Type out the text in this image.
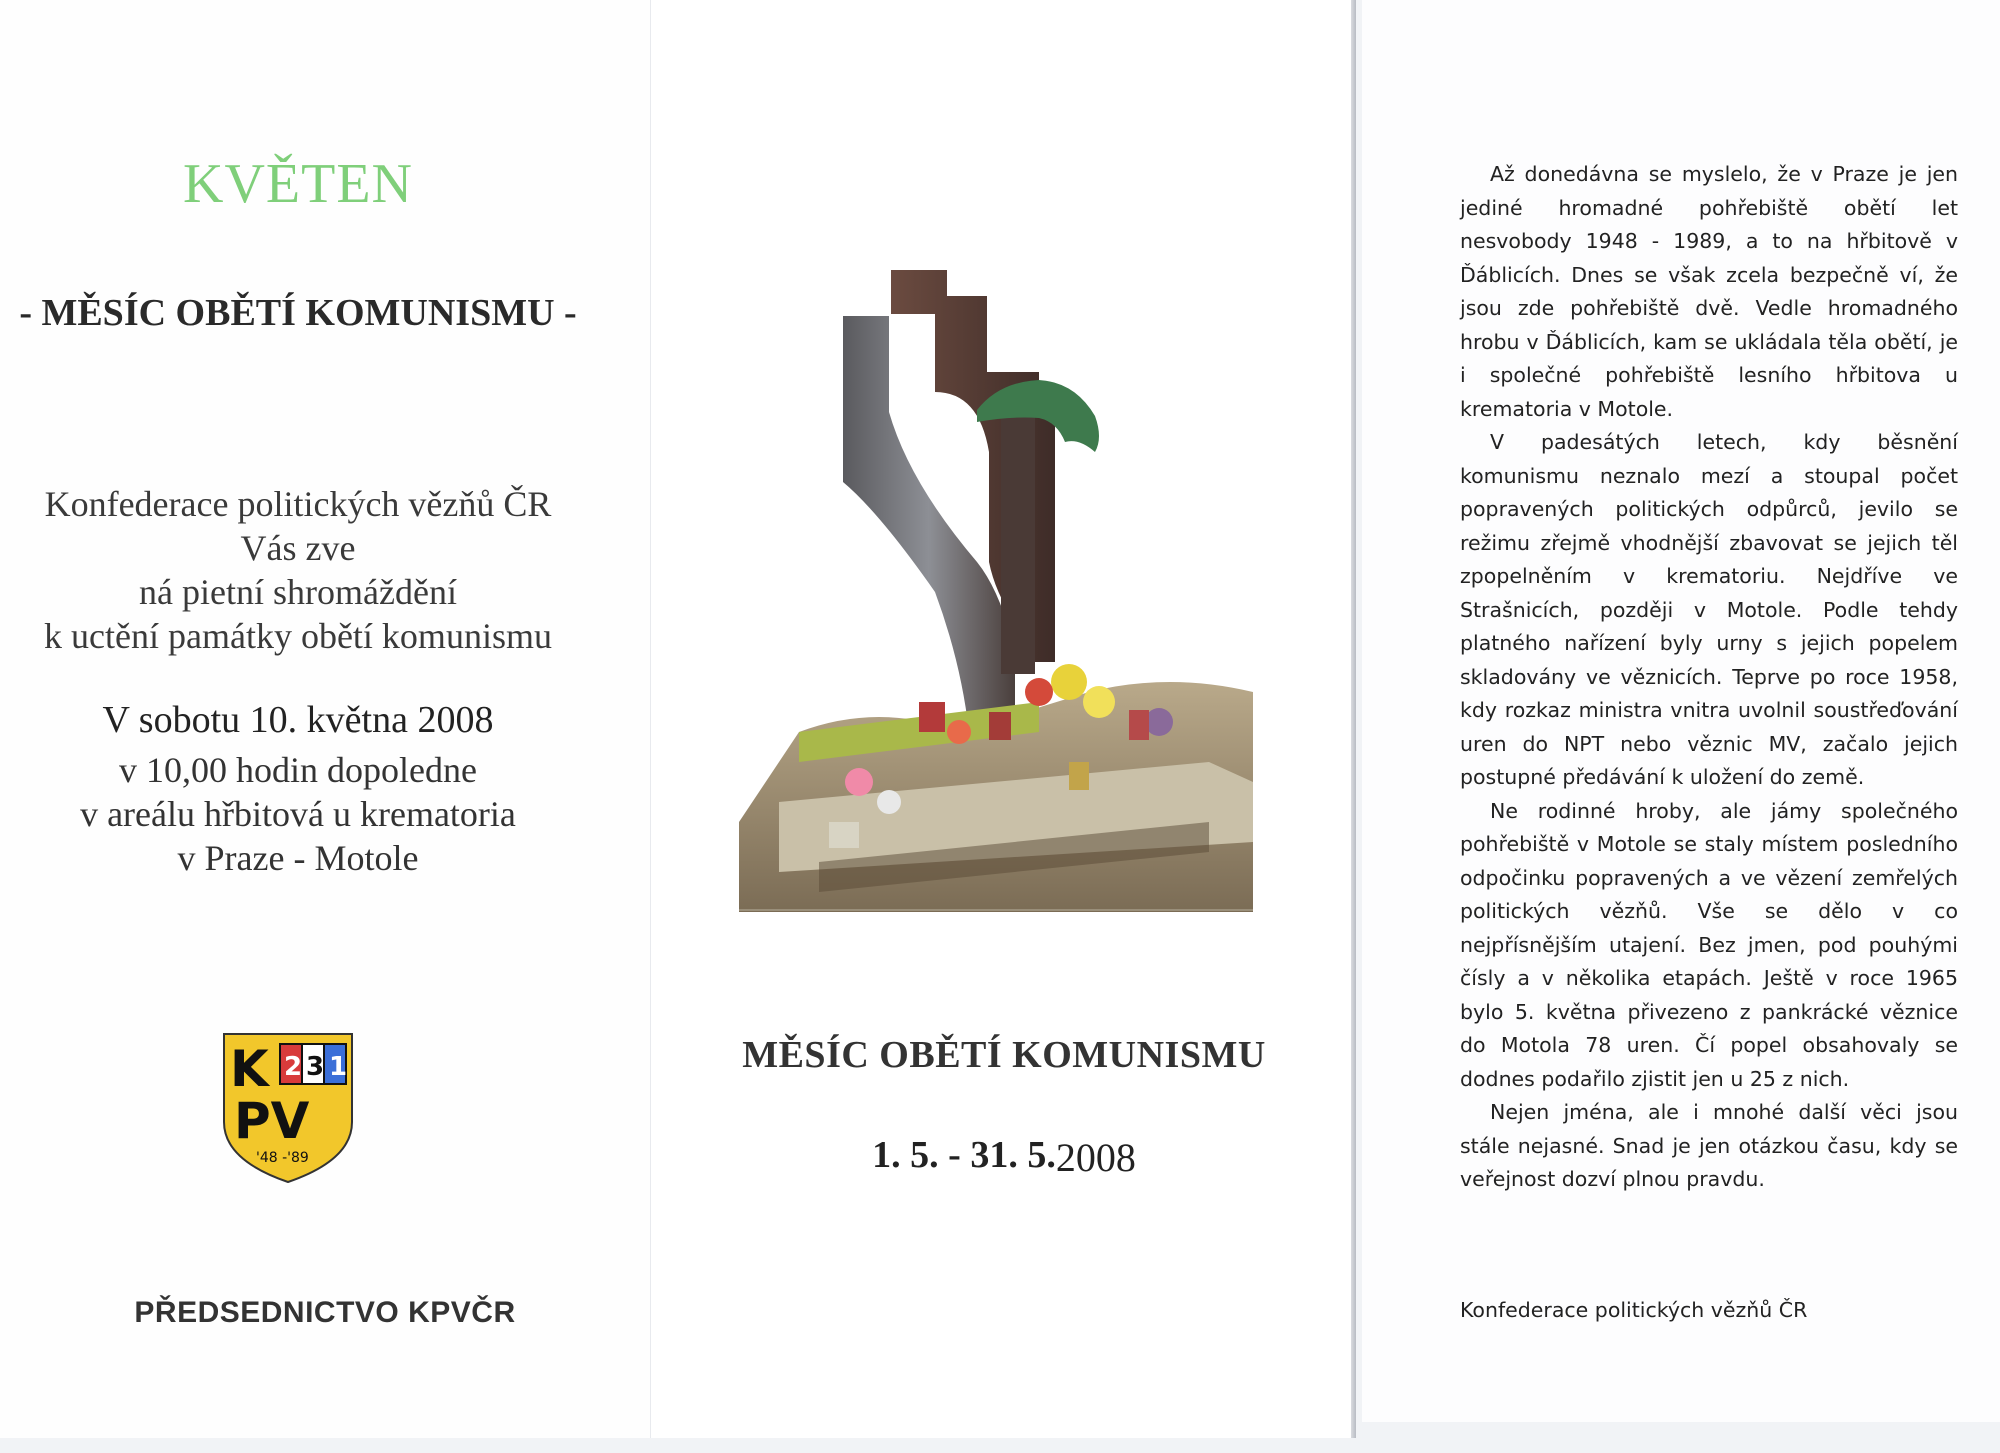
KVĚTEN
- MĚSÍC OBĚTÍ KOMUNISMU -
Konfederace politických vězňů ČR
Vás zve
ná pietní shromáždění
k uctění památky obětí komunismu
V sobotu 10. května 2008
v 10,00 hodin dopoledne
v areálu hřbitová u krematoria
v Praze - Motole
K 2 3 1
PV
'48 -'89
PŘEDSEDNICTVO KPVČR
MĚSÍC OBĚTÍ KOMUNISMU
1. 5. - 31. 5.2008

Až donedávna se myslelo, že v Praze je jen jediné hromadné pohřebiště obětí let nesvobody 1948 - 1989, a to na hřbitově v Ďáblicích. Dnes se však zcela bezpečně ví, že jsou zde pohřebiště dvě. Vedle hromadného hrobu v Ďáblicích, kam se ukládala těla obětí, je i společné pohřebiště lesního hřbitova u krematoria v Motole.

V padesátých letech, kdy běsnění komunismu neznalo mezí a stoupal počet popravených politických odpůrců, jevilo se režimu zřejmě vhodnější zbavovat se jejich těl zpopelněním v krematoriu. Nejdříve ve Strašnicích, později v Motole. Podle tehdy platného nařízení byly urny s jejich popelem skladovány ve věznicích. Teprve po roce 1958, kdy rozkaz ministra vnitra uvolnil soustřeďování uren do NPT nebo věznic MV, začalo jejich postupné předávání k uložení do země.

Ne rodinné hroby, ale jámy společného pohřebiště v Motole se staly místem posledního odpočinku popravených a ve vězení zemřelých politických vězňů. Vše se dělo v co nejpřísnějším utajení. Bez jmen, pod pouhými čísly a v několika etapách. Ještě v roce 1965 bylo 5. května přivezeno z pankrácké věznice do Motola 78 uren. Čí popel obsahovaly se dodnes podařilo zjistit jen u 25 z nich.

Nejen jména, ale i mnohé další věci jsou stále nejasné. Snad je jen otázkou času, kdy se veřejnost dozví plnou pravdu.

Konfederace politických vězňů ČR
